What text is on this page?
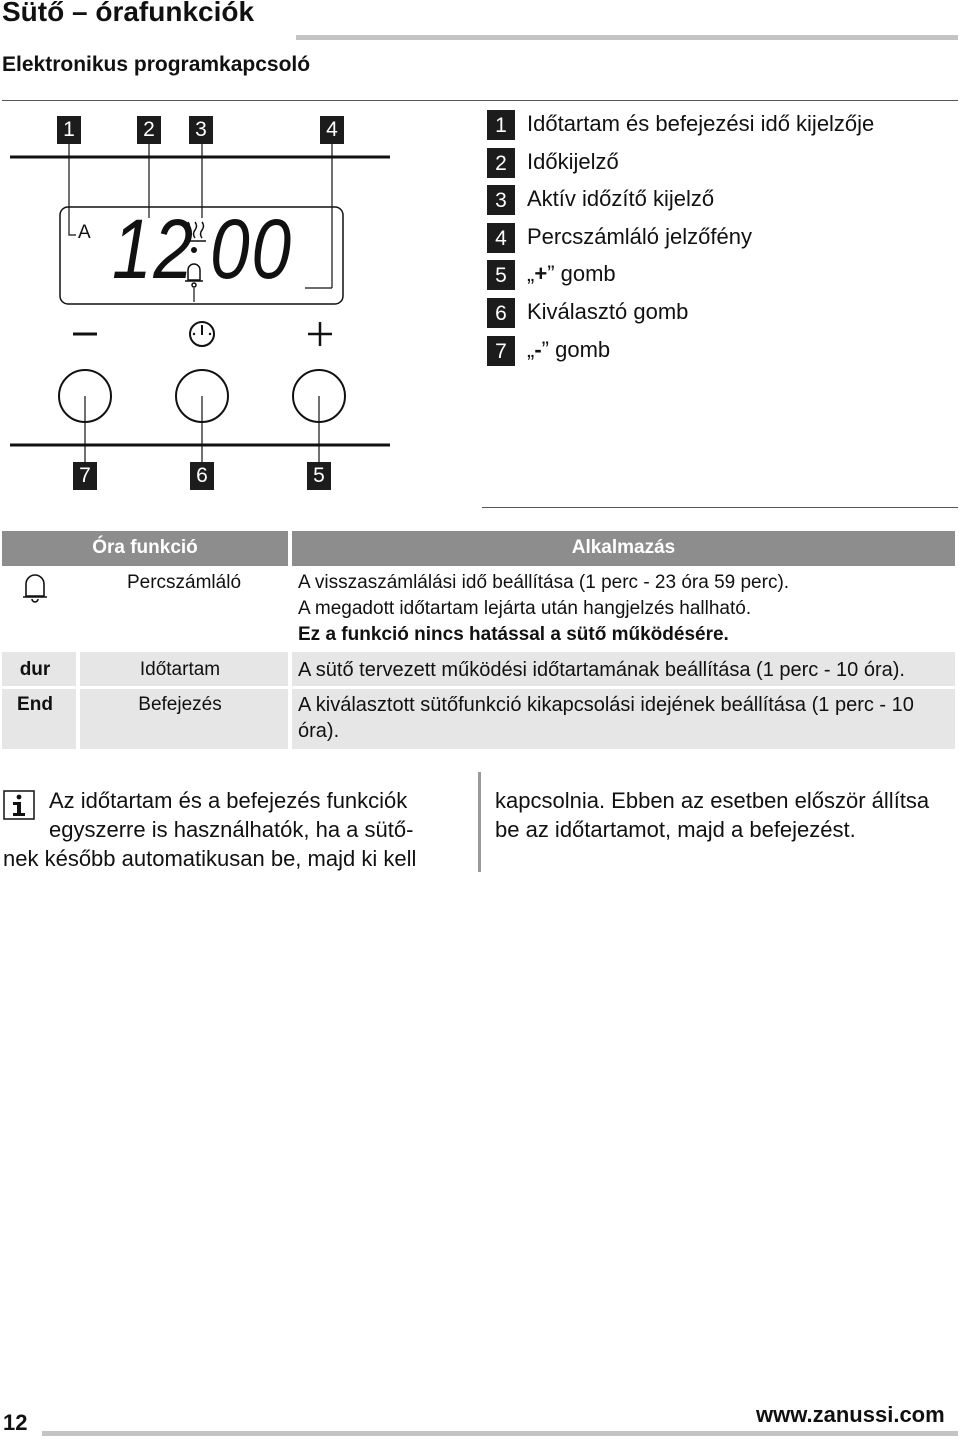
Sütő – órafunkciók
Elektronikus programkapcsoló
1	2 3	4
A 12 00
7	6	5
1 Időtartam és befejezési idő kijelzője
2 Időkijelző
3 Aktív időzítő kijelző
4 Percszámláló jelzőfény
5 „+” gomb
6 Kiválasztó gomb
7 „-” gomb
Óra funkció	Alkalmazás
Percszámláló	A visszaszámlálási idő beállítása (1 perc - 23 óra 59 perc).
A megadott időtartam lejárta után hangjelzés hallható.
Ez a funkció nincs hatással a sütő működésére.
dur	Időtartam	A sütő tervezett működési időtartamának beállítása (1 perc - 10 óra).
End	Befejezés	A kiválasztott sütőfunkció kikapcsolási idejének beállítása (1 perc - 10
óra).
Az időtartam és a befejezés funkciók
egyszerre is használhatók, ha a sütő-
nek később automatikusan be, majd ki kell
kapcsolnia. Ebben az esetben először állítsa
be az időtartamot, majd a befejezést.
12	www.zanussi.com
